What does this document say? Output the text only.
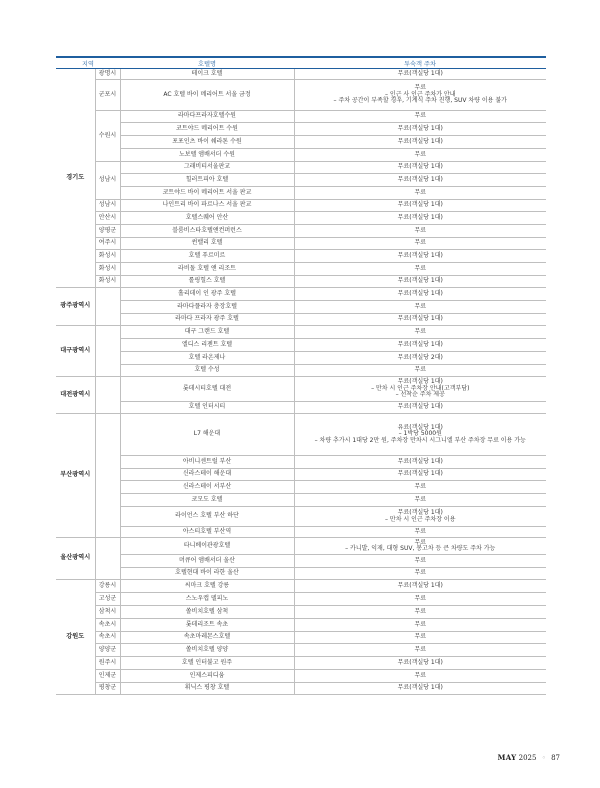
지역		호텔명	투숙객 주차
경기도	광명시	테이크 호텔	무료(객실당 1대)

	군포시	AC 호텔 바이 메리어트 서울 금정	무료
– 인근 사 인근 주차가 안내
– 주차 공간이 부족할 경우, 기계식 주차 진행, SUV 차량 이용 불가

	수원시	라마다프라자호텔수원	무료

		코트야드 메리어트 수원	무료(객실당 1대)

		포포인츠 바이 쉐라톤 수원	무료(객실당 1대)

		노보텔 앰배서더 수원	무료

	성남시	그래비티서울판교	무료(객실당 1대)

		힐러트피아 호텔	무료(객실당 1대)

		코트야드 바이 메리어트 서울 판교	무료

	성남시	나인트리 바이 파르나스 서울 판교	무료(객실당 1대)

	안산시	호텔스퀘어 안산	무료(객실당 1대)

	양평군	블룸비스타호텔앤컨퍼런스	무료

	여주시	썬밸리 호텔	무료

	화성시	호텔 푸르미르	무료(객실당 1대)

	화성시	라비돌 호텔 앤 리조트	무료

	화성시	롤링힐스 호텔	무료(객실당 1대)

광주광역시		홀리데이 인 광주 호텔	무료(객실당 1대)

		라마다플라자 충장호텔	무료

		라마다 프라자 광주 호텔	무료(객실당 1대)

대구광역시		대구 그랜드 호텔	무료

		엘디스 리젠트 호텔	무료(객실당 1대)

		호텔 라온제나	무료(객실당 2대)

		호텔 수성	무료

대전광역시		롯데시티호텔 대전	무료(객실당 1대)
– 만차 시 인근 주차장 안내(고객부담)
– 선착순 주차 제공

		호텔 인터시티	무료(객실당 1대)

부산광역시		L7 해운대	유료(객실당 1대)
– 1박당 5000원
– 차량 추가시 1대당 2만 원, 주차장 만차시 시그니엘 부산 주차장 무료 이용 가능

		아비니센트럴 부산	무료(객실당 1대)

		신라스테이 해운대	무료(객실당 1대)

		신라스테이 서부산	무료

		코모도 호텔	무료

		라이언스 호텔 부산 하단	무료(객실당 1대)
– 만차 시 인근 주차장 이용

		아스티호텔 부산역	무료

울산광역시		타니베이관광호텔	무료
– 카니발, 익재, 대형 SUV, 봉고차 등 큰 차량도 주차 가능

		머큐어 앰배서더 울산	무료

		호텔현대 바이 라한 울산	무료

강원도	강릉시	씨마크 호텔 강릉	무료(객실당 1대)

	고성군	스노우캡 델피노	무료

	삼척시	쏠비치호텔 삼척	무료

	속초시	롯데리조트 속초	무료

	속초시	속초마레몬스호텔	무료

	양양군	쏠비치호텔 양양	무료

	원주시	호텔 인터불고 원주	무료(객실당 1대)

	인제군	인제스피디움	무료

	평창군	휘닉스 평창 호텔	무료(객실당 1대)
MAY 2025 ◦ 87
